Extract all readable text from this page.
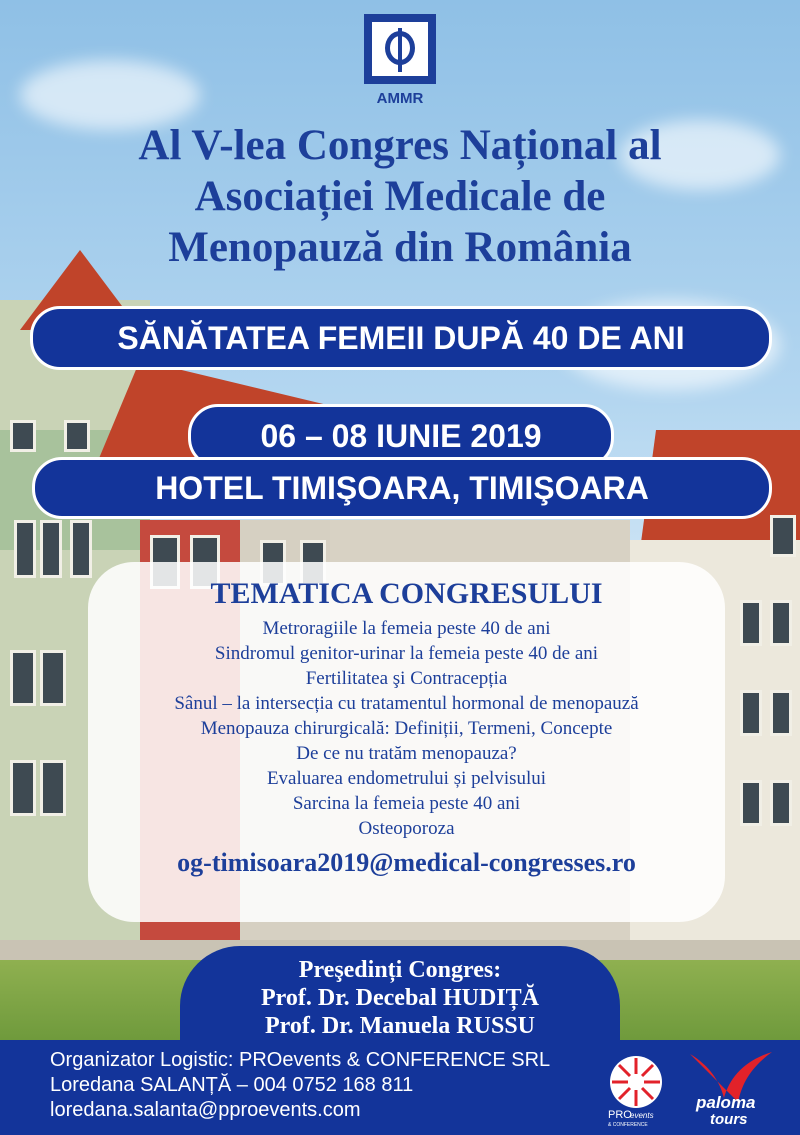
AMMR
Al V-lea Congres Național al
Asociației Medicale de
Menopauză din România
SĂNĂTATEA FEMEII DUPĂ 40 DE ANI
06 – 08 IUNIE 2019
HOTEL TIMIŞOARA, TIMIŞOARA
TEMATICA CONGRESULUI
Metroragiile la femeia peste 40 de ani
Sindromul genitor-urinar la femeia peste 40 de ani
Fertilitatea şi Contracepția
Sânul – la intersecția cu tratamentul hormonal de menopauză
Menopauza chirurgicală: Definiții, Termeni, Concepte
De ce nu tratăm menopauza?
Evaluarea endometrului și pelvisului
Sarcina la femeia peste 40 ani
Osteoporoza
og-timisoara2019@medical-congresses.ro
Preşedinți Congres:
Prof. Dr. Decebal HUDIȚĂ
Prof. Dr. Manuela RUSSU
Organizator Logistic: PROevents & CONFERENCE SRL
Loredana SALANȚĂ – 004 0752 168 811
loredana.salanta@pproevents.com	PRO
events
& CONFERENCE
paloma
tours
